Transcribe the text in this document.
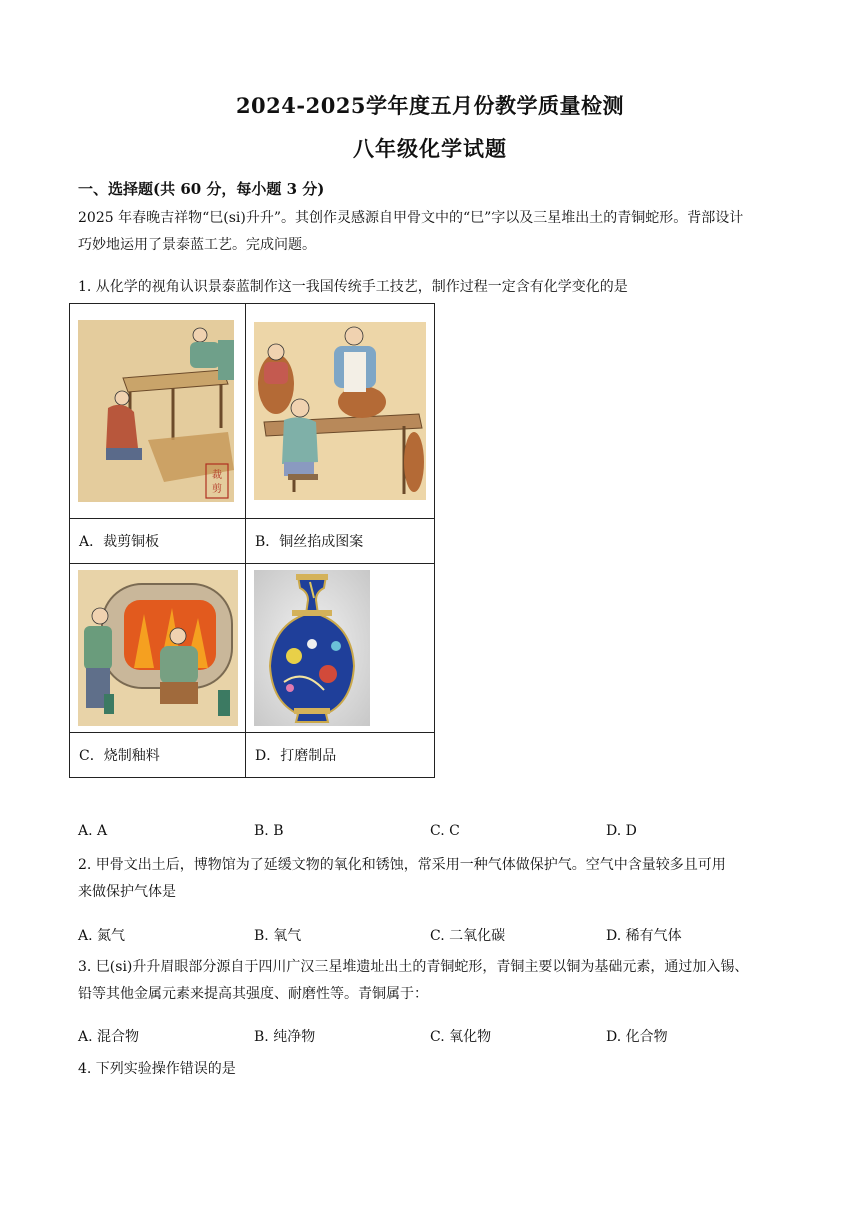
2024-2025学年度五月份教学质量检测
八年级化学试题
一、选择题(共 60 分，每小题 3 分)
2025 年春晚吉祥物“巳(si)升升”。其创作灵感源自甲骨文中的“巳”字以及三星堆出土的青铜蛇形。背部设计
巧妙地运用了景泰蓝工艺。完成问题。
1. 从化学的视角认识景泰蓝制作这一我国传统手工技艺，制作过程一定含有化学变化的是
裁
剪

A．裁剪铜板	B．铜丝掐成图案

C．烧制釉料	D．打磨制品
A. A	B. B	C. C	D. D
2. 甲骨文出土后，博物馆为了延缓文物的氧化和锈蚀，常采用一种气体做保护气。空气中含量较多且可用
来做保护气体是
A. 氮气	B. 氧气	C. 二氧化碳	D. 稀有气体
3. 巳(si)升升眉眼部分源自于四川广汉三星堆遗址出土的青铜蛇形，青铜主要以铜为基础元素，通过加入锡、
铅等其他金属元素来提高其强度、耐磨性等。青铜属于：
A. 混合物	B. 纯净物	C. 氧化物	D. 化合物
4. 下列实验操作错误的是
